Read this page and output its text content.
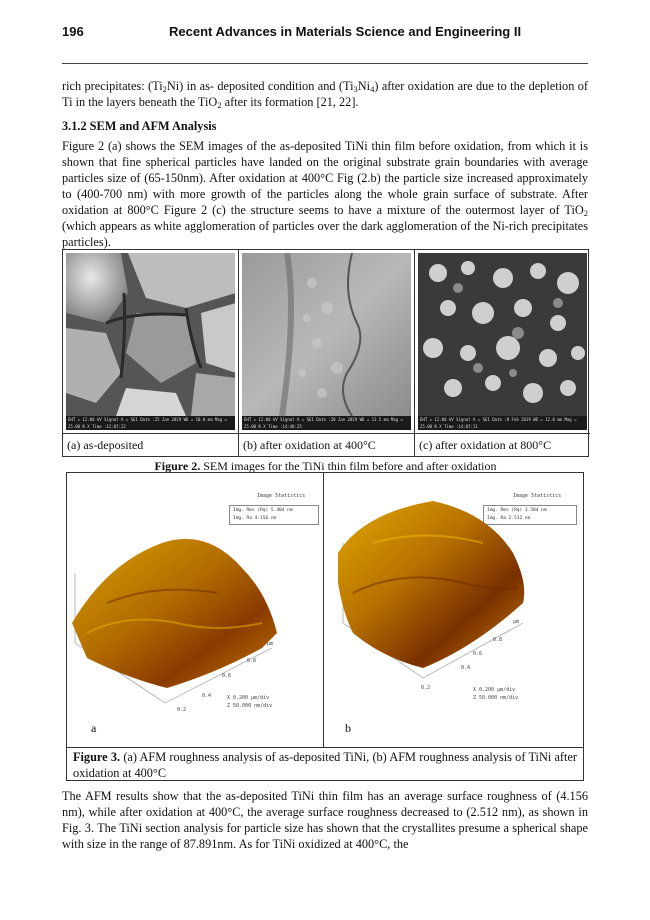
196	Recent Advances in Materials Science and Engineering II
rich precipitates: $(Ti_2Ni)$ in as- deposited condition and $(Ti_3Ni_4)$ after oxidation are due to the depletion of Ti in the layers beneath the TiO$_2$ after its formation [21, 22].
3.1.2 SEM and AFM Analysis
Figure 2 (a) shows the SEM images of the as-deposited TiNi thin film before oxidation, from which it is shown that fine spherical particles have landed on the original substrate grain boundaries with average particles size of (65-150nm). After oxidation at 400°C Fig (2.b) the particle size increased approximately to (400-700 nm) with more growth of the particles along the whole grain surface of substrate. After oxidation at 800°C Figure 2 (c) the structure seems to have a mixture of the outermost layer of TiO$_2$ (which appears as white agglomeration of particles over the dark agglomeration of the Ni-rich precipitates particles).
EHT = 12.00 kV Signal A = SE1 Date :25 Jan 2019 WD = 10.0 mm Mag = 25.00 K X Time :12:07:22
EHT = 12.00 kV Signal A = SE1 Date :20 Jan 2019 WD = 11.5 mm Mag = 25.00 K X Time :14:40:25
EHT = 12.00 kV Signal A = SE1 Date :8 Feb 2019 WD = 12.0 mm Mag = 25.00 K X Time :14:07:11
(a) as-deposited	(b) after oxidation at 400°C	(c) after oxidation at 800°C
Figure 2. SEM images for the TiNi thin film before and after oxidation
Image Statistics
Img. Rms (Rq) 5.404 nm
Img. Ra 4.156 nm
0.2
0.4
0.6
0.8
µm
X 0.200 µm/div
Z 50.000 nm/div
a
Image Statistics
Img. Rms (Rq) 3.504 nm
Img. Ra 2.512 nm
0.2
0.4
0.6
0.8
µm
X 0.200 µm/div
Z 50.000 nm/div
b
Figure 3. (a) AFM roughness analysis of as-deposited TiNi, (b) AFM roughness analysis of TiNi after oxidation at 400°C
The AFM results show that the as-deposited TiNi thin film has an average surface roughness of (4.156 nm), while after oxidation at 400°C, the average surface roughness decreased to (2.512 nm), as shown in Fig. 3. The TiNi section analysis for particle size has shown that the crystallites presume a spherical shape with size in the range of 87.891nm. As for TiNi oxidized at 400°C, the
